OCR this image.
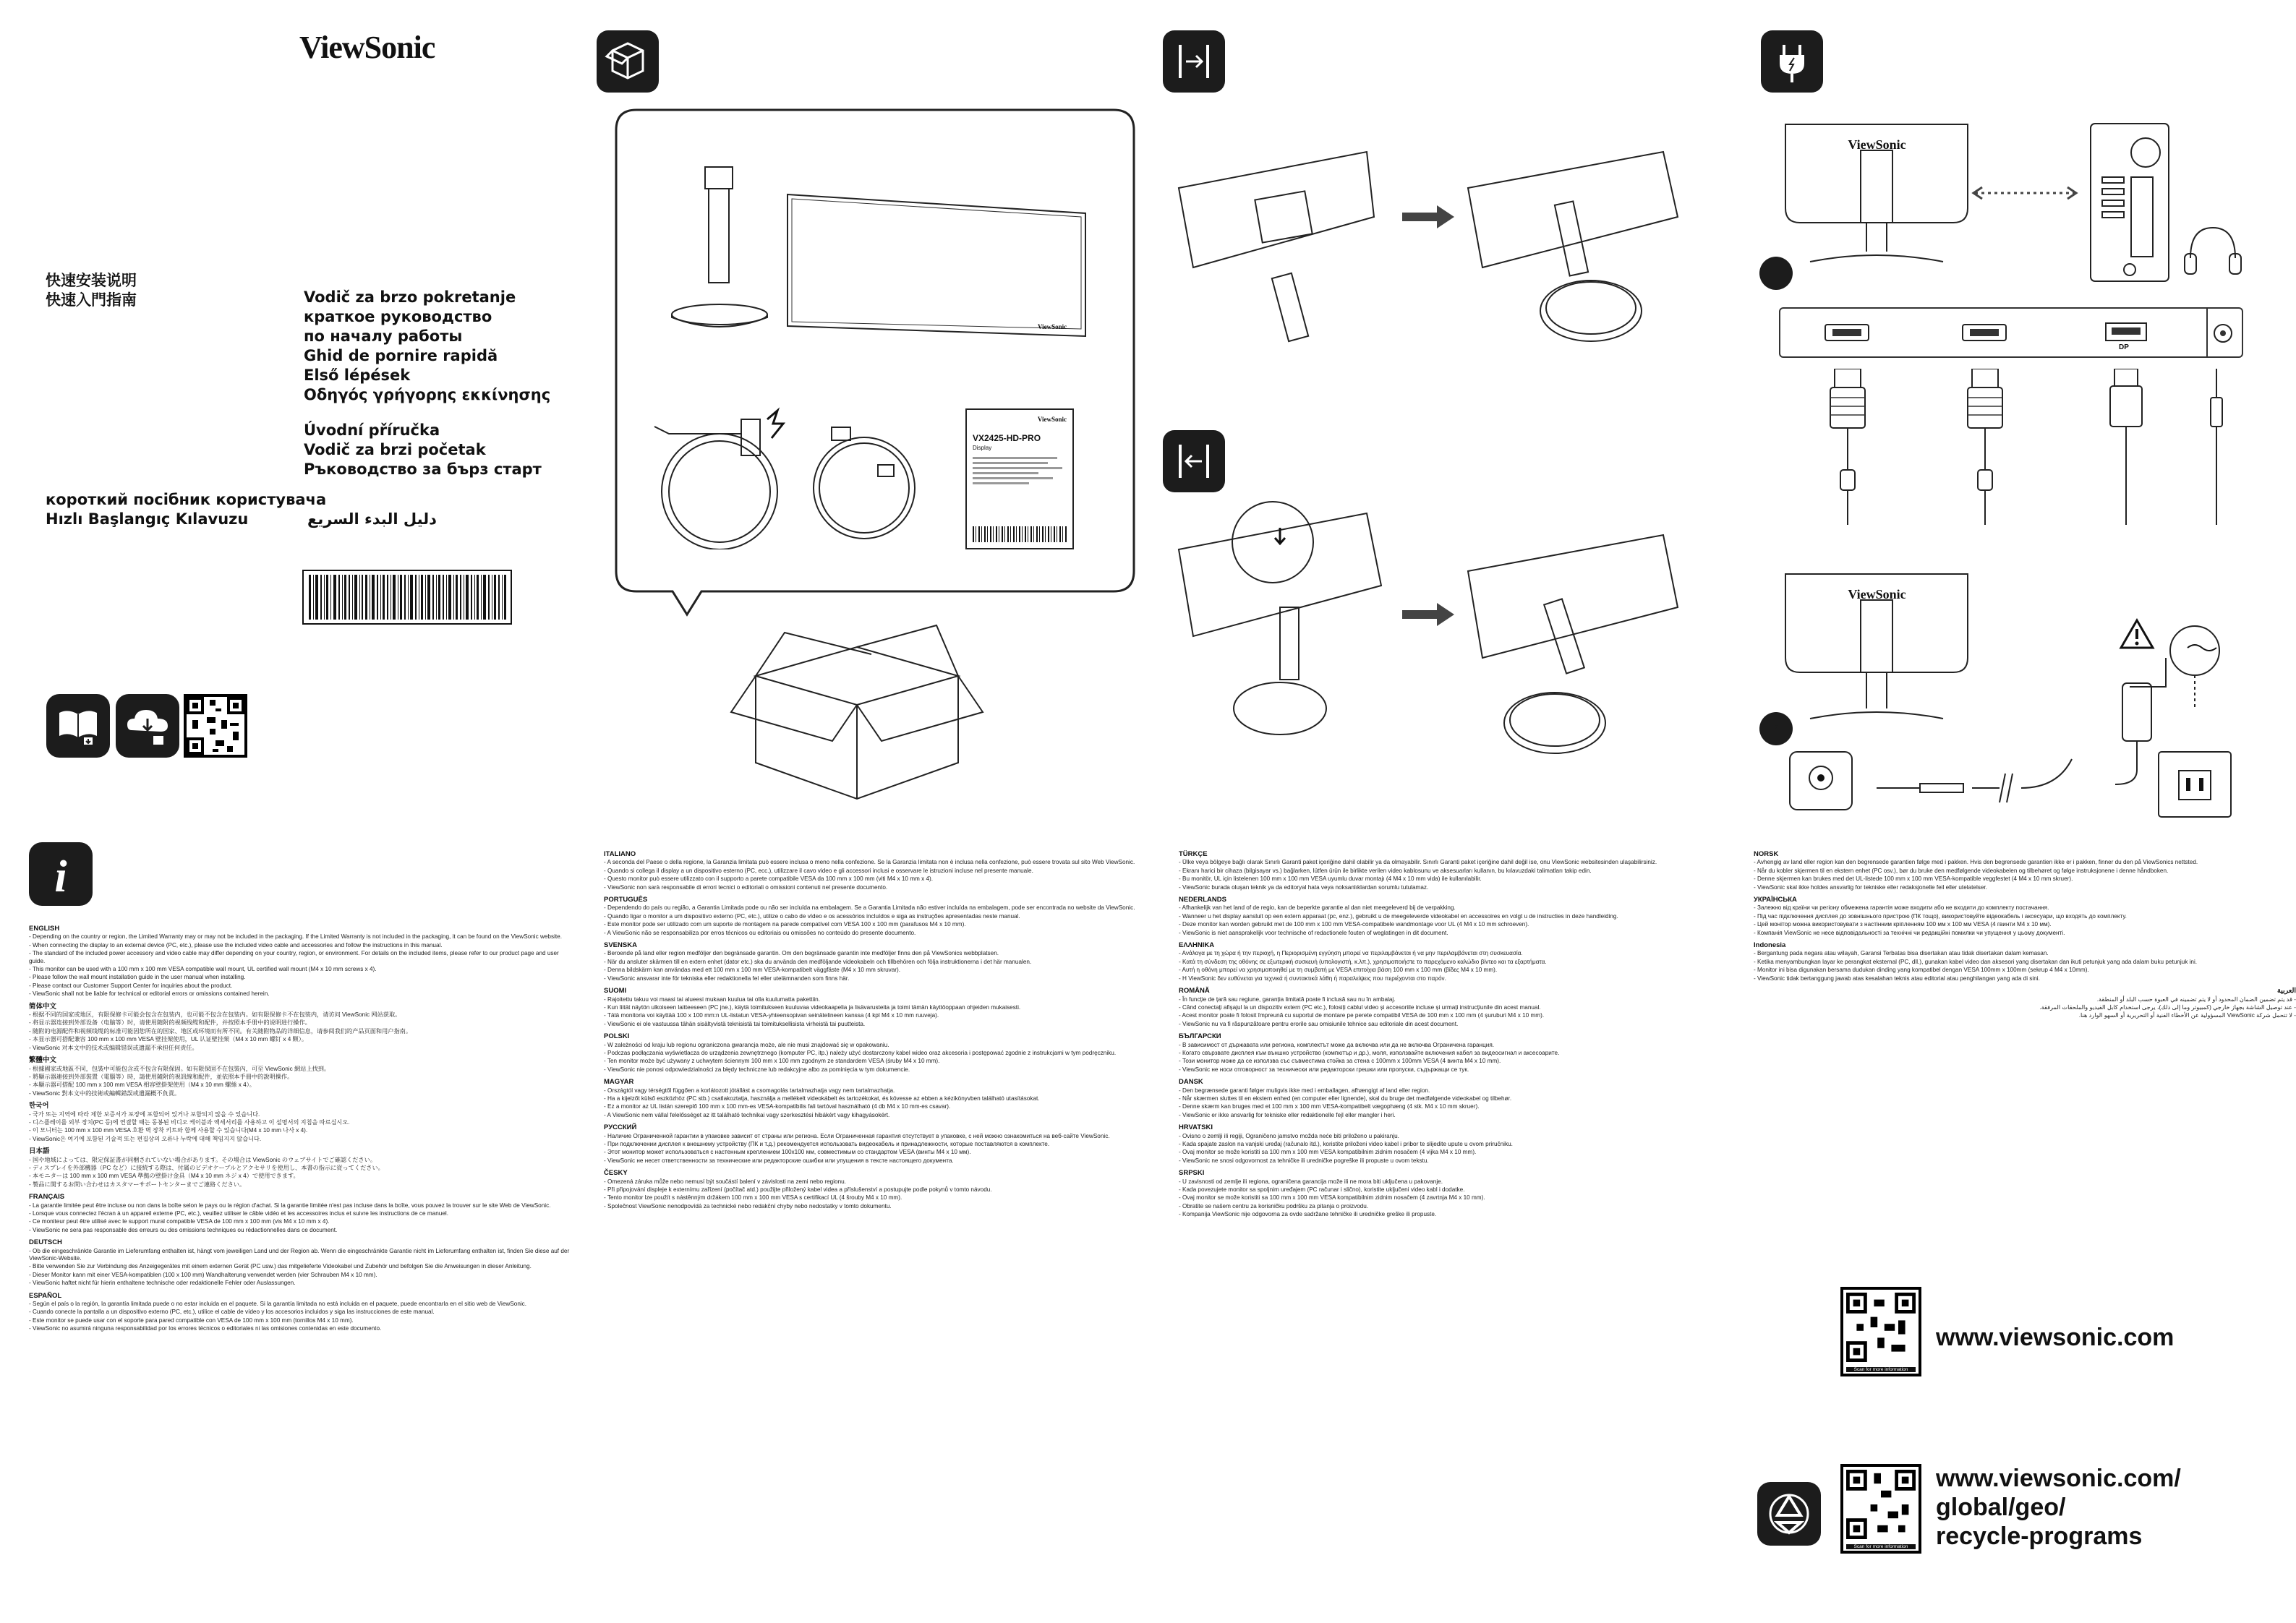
ViewSonic
快速安装说明
快速入門指南	Vodič za brzo pokretanje
краткое руководство
по началу работы
Ghid de pornire rapidă
Első lépések
Οδηγός γρήγορης εκκίνησης
Úvodní příručka
Vodič za brzi početak
Ръководство за бърз старт
короткий посібник користувача
Hızlı Başlangıç Kılavuzu	دليل البدء السريع
ViewSonic
ViewSonic
VX2425-HD-PRO
Display
ViewSonic
1
DP
ViewSonic
2
i
ENGLISH

- Depending on the country or region, the Limited Warranty may or may not be included in the packaging. If the Limited Warranty is not included in the packaging, it can be found on the ViewSonic website.

- When connecting the display to an external device (PC, etc.), please use the included video cable and accessories and follow the instructions in this manual.

- The standard of the included power accessory and video cable may differ depending on your country, region, or environment. For details on the included items, please refer to our product page and user guide.

- This monitor can be used with a 100 mm x 100 mm VESA compatible wall mount, UL certified wall mount (M4 x 10 mm screws x 4).

- Please follow the wall mount installation guide in the user manual when installing.

- Please contact our Customer Support Center for inquiries about the product.

- ViewSonic shall not be liable for technical or editorial errors or omissions contained herein.

简体中文

- 根据不同的国家或地区，有限保修卡可能会包含在包装内，也可能不包含在包装内。如有限保修卡不在包装内，请访问 ViewSonic 网站获取。

- 将显示器连接到外部设备（电脑等）时，请使用随附的视频线缆和配件，并按照本手册中的说明进行操作。

- 随附的电源配件和视频线缆的标准可能因您所在的国家、地区或环境而有所不同。有关随附物品的详细信息，请参阅我们的产品页面和用户指南。

- 本显示器可搭配兼容 100 mm x 100 mm VESA 壁挂架使用，UL 认证壁挂架（M4 x 10 mm 螺钉 x 4 颗）。

- ViewSonic 对本文中的技术或编辑错误或遗漏不承担任何责任。

繁體中文

- 根據國家或地區不同，包裝中可能包含或不包含有限保固。如有限保固不在包裝內，可至 ViewSonic 網站上找到。

- 將顯示器連接到外部裝置（電腦等）時，請使用隨附的視訊線和配件，並依照本手冊中的說明操作。

- 本顯示器可搭配 100 mm x 100 mm VESA 相容壁掛架使用（M4 x 10 mm 螺絲 x 4）。

- ViewSonic 對本文中的技術或編輯錯誤或遺漏概不負責。

한국어

- 국가 또는 지역에 따라 제한 보증서가 포장에 포함되어 있거나 포함되지 않을 수 있습니다.

- 디스플레이를 외부 장치(PC 등)에 연결할 때는 동봉된 비디오 케이블과 액세서리를 사용하고 이 설명서의 지침을 따르십시오.

- 이 모니터는 100 mm x 100 mm VESA 호환 벽 장착 키트와 함께 사용할 수 있습니다(M4 x 10 mm 나사 x 4).

- ViewSonic은 여기에 포함된 기술적 또는 편집상의 오류나 누락에 대해 책임지지 않습니다.

日本語

- 国や地域によっては、限定保証書が同梱されていない場合があります。その場合は ViewSonic のウェブサイトでご確認ください。

- ディスプレイを外部機器（PC など）に接続する際は、付属のビデオケーブルとアクセサリを使用し、本書の指示に従ってください。

- 本モニターは 100 mm x 100 mm VESA 準拠の壁掛け金具（M4 x 10 mm ネジ x 4）で使用できます。

- 製品に関するお問い合わせはカスタマーサポートセンターまでご連絡ください。

FRANÇAIS

- La garantie limitée peut être incluse ou non dans la boîte selon le pays ou la région d'achat. Si la garantie limitée n'est pas incluse dans la boîte, vous pouvez la trouver sur le site Web de ViewSonic.

- Lorsque vous connectez l'écran à un appareil externe (PC, etc.), veuillez utiliser le câble vidéo et les accessoires inclus et suivre les instructions de ce manuel.

- Ce moniteur peut être utilisé avec le support mural compatible VESA de 100 mm x 100 mm (vis M4 x 10 mm x 4).

- ViewSonic ne sera pas responsable des erreurs ou des omissions techniques ou rédactionnelles dans ce document.

DEUTSCH

- Ob die eingeschränkte Garantie im Lieferumfang enthalten ist, hängt vom jeweiligen Land und der Region ab. Wenn die eingeschränkte Garantie nicht im Lieferumfang enthalten ist, finden Sie diese auf der ViewSonic-Website.

- Bitte verwenden Sie zur Verbindung des Anzeigegerätes mit einem externen Gerät (PC usw.) das mitgelieferte Videokabel und Zubehör und befolgen Sie die Anweisungen in dieser Anleitung.

- Dieser Monitor kann mit einer VESA-kompatiblen (100 x 100 mm) Wandhalterung verwendet werden (vier Schrauben M4 x 10 mm).

- ViewSonic haftet nicht für hierin enthaltene technische oder redaktionelle Fehler oder Auslassungen.

ESPAÑOL

- Según el país o la región, la garantía limitada puede o no estar incluida en el paquete. Si la garantía limitada no está incluida en el paquete, puede encontrarla en el sitio web de ViewSonic.

- Cuando conecte la pantalla a un dispositivo externo (PC, etc.), utilice el cable de vídeo y los accesorios incluidos y siga las instrucciones de este manual.

- Este monitor se puede usar con el soporte para pared compatible con VESA de 100 mm x 100 mm (tornillos M4 x 10 mm).

- ViewSonic no asumirá ninguna responsabilidad por los errores técnicos o editoriales ni las omisiones contenidas en este documento.

ITALIANO

- A seconda del Paese o della regione, la Garanzia limitata può essere inclusa o meno nella confezione. Se la Garanzia limitata non è inclusa nella confezione, può essere trovata sul sito Web ViewSonic.

- Quando si collega il display a un dispositivo esterno (PC, ecc.), utilizzare il cavo video e gli accessori inclusi e osservare le istruzioni incluse nel presente manuale.

- Questo monitor può essere utilizzato con il supporto a parete compatibile VESA da 100 mm x 100 mm (viti M4 x 10 mm x 4).

- ViewSonic non sarà responsabile di errori tecnici o editoriali o omissioni contenuti nel presente documento.

PORTUGUÊS

- Dependendo do país ou região, a Garantia Limitada pode ou não ser incluída na embalagem. Se a Garantia Limitada não estiver incluída na embalagem, pode ser encontrada no website da ViewSonic.

- Quando ligar o monitor a um dispositivo externo (PC, etc.), utilize o cabo de vídeo e os acessórios incluídos e siga as instruções apresentadas neste manual.

- Este monitor pode ser utilizado com um suporte de montagem na parede compatível com VESA 100 x 100 mm (parafusos M4 x 10 mm).

- A ViewSonic não se responsabiliza por erros técnicos ou editoriais ou omissões no conteúdo do presente documento.

SVENSKA

- Beroende på land eller region medföljer den begränsade garantin. Om den begränsade garantin inte medföljer finns den på ViewSonics webbplatsen.

- När du ansluter skärmen till en extern enhet (dator etc.) ska du använda den medföljande videokabeln och tillbehören och följa instruktionerna i det här manualen.

- Denna bildskärm kan användas med ett 100 mm x 100 mm VESA-kompatibelt väggfäste (M4 x 10 mm skruvar).

- ViewSonic ansvarar inte för tekniska eller redaktionella fel eller utelämnanden som finns här.

SUOMI

- Rajoitettu takuu voi maasi tai alueesi mukaan kuulua tai olla kuulumatta pakettiin.

- Kun liität näytön ulkoiseen laitteeseen (PC jne.), käytä toimitukseen kuuluvaa videokaapelia ja lisävarusteita ja toimi tämän käyttöoppaan ohjeiden mukaisesti.

- Tätä monitoria voi käyttää 100 x 100 mm:n UL-listatun VESA-yhteensopivan seinätelineen kanssa (4 kpl M4 x 10 mm ruuveja).

- ViewSonic ei ole vastuussa tähän sisältyvistä teknisistä tai toimituksellisista virheistä tai puutteista.

POLSKI

- W zależności od kraju lub regionu ograniczona gwarancja może, ale nie musi znajdować się w opakowaniu.

- Podczas podłączania wyświetlacza do urządzenia zewnętrznego (komputer PC, itp.) należy użyć dostarczony kabel wideo oraz akcesoria i postępować zgodnie z instrukcjami w tym podręczniku.

- Ten monitor może być używany z uchwytem ściennym 100 mm x 100 mm zgodnym ze standardem VESA (śruby M4 x 10 mm).

- ViewSonic nie ponosi odpowiedzialności za błędy techniczne lub redakcyjne albo za pominięcia w tym dokumencie.

MAGYAR

- Országtól vagy térségtől függően a korlátozott jótállást a csomagolás tartalmazhatja vagy nem tartalmazhatja.

- Ha a kijelzőt külső eszközhöz (PC stb.) csatlakoztatja, használja a mellékelt videokábelt és tartozékokat, és kövesse az ebben a kézikönyvben található utasításokat.

- Ez a monitor az UL listán szereplő 100 mm x 100 mm-es VESA-kompatibilis fali tartóval használható (4 db M4 x 10 mm-es csavar).

- A ViewSonic nem vállal felelősséget az itt található technikai vagy szerkesztési hibákért vagy kihagyásokért.

РУССКИЙ

- Наличие Ограниченной гарантии в упаковке зависит от страны или региона. Если Ограниченная гарантия отсутствует в упаковке, с ней можно ознакомиться на веб-сайте ViewSonic.

- При подключении дисплея к внешнему устройству (ПК и т.д.) рекомендуется использовать видеокабель и принадлежности, которые поставляются в комплекте.

- Этот монитор может использоваться с настенным креплением 100х100 мм, совместимым со стандартом VESA (винты M4 x 10 мм).

- ViewSonic не несет ответственности за технические или редакторские ошибки или упущения в тексте настоящего документа.

ČESKY

- Omezená záruka může nebo nemusí být součástí balení v závislosti na zemi nebo regionu.

- Při připojování displeje k externímu zařízení (počítač atd.) použijte přiložený kabel videa a příslušenství a postupujte podle pokynů v tomto návodu.

- Tento monitor lze použít s nástěnným držákem 100 mm x 100 mm VESA s certifikací UL (4 šrouby M4 x 10 mm).

- Společnost ViewSonic nenodpovídá za technické nebo redakční chyby nebo nedostatky v tomto dokumentu.

TÜRKÇE

- Ülke veya bölgeye bağlı olarak Sınırlı Garanti paket içeriğine dahil olabilir ya da olmayabilir. Sınırlı Garanti paket içeriğine dahil değil ise, onu ViewSonic websitesinden ulaşabilirsiniz.

- Ekranı harici bir cihaza (bilgisayar vs.) bağlarken, lütfen ürün ile birlikte verilen video kablosunu ve aksesuarları kullanın, bu kılavuzdaki talimatları takip edin.

- Bu monitör, UL için listelenen 100 mm x 100 mm VESA uyumlu duvar montajı (4 M4 x 10 mm vida) ile kullanılabilir.

- ViewSonic burada oluşan teknik ya da editoryal hata veya noksanlıklardan sorumlu tutulamaz.

NEDERLANDS

- Afhankelijk van het land of de regio, kan de beperkte garantie al dan niet meegeleverd bij de verpakking.

- Wanneer u het display aansluit op een extern apparaat (pc, enz.), gebruikt u de meegeleverde videokabel en accessoires en volgt u de instructies in deze handleiding.

- Deze monitor kan worden gebruikt met de 100 mm x 100 mm VESA-compatibele wandmontage voor UL (4 M4 x 10 mm schroeven).

- ViewSonic is niet aansprakelijk voor technische of redactionele fouten of weglatingen in dit document.

ΕΛΛΗΝΙΚΑ

- Ανάλογα με τη χώρα ή την περιοχή, η Περιορισμένη εγγύηση μπορεί να περιλαμβάνεται ή να μην περιλαμβάνεται στη συσκευασία.

- Κατά τη σύνδεση της οθόνης σε εξωτερική συσκευή (υπολογιστή, κ.λπ.), χρησιμοποιήστε το παρεχόμενο καλώδιο βίντεο και τα εξαρτήματα.

- Αυτή η οθόνη μπορεί να χρησιμοποιηθεί με τη συμβατή με VESA επιτοίχια βάση 100 mm x 100 mm (βίδες M4 x 10 mm).

- Η ViewSonic δεν ευθύνεται για τεχνικά ή συντακτικά λάθη ή παραλείψεις που περιέχονται στο παρόν.

ROMÂNĂ

- În funcție de țară sau regiune, garanția limitată poate fi inclusă sau nu în ambalaj.

- Când conectați afișajul la un dispozitiv extern (PC etc.), folosiți cablul video și accesoriile incluse și urmați instrucțiunile din acest manual.

- Acest monitor poate fi folosit împreună cu suportul de montare pe perete compatibil VESA de 100 mm x 100 mm (4 șuruburi M4 x 10 mm).

- ViewSonic nu va fi răspunzătoare pentru erorile sau omisiunile tehnice sau editoriale din acest document.

БЪЛГАРСКИ

- В зависимост от държавата или региона, комплектът може да включва или да не включва Ограничена гаранция.

- Когато свързвате дисплея към външно устройство (компютър и др.), моля, използвайте включения кабел за видеосигнал и аксесоарите.

- Този монитор може да се използва със съвместима стойка за стена с 100mm x 100mm VESA (4 винта M4 x 10 mm).

- ViewSonic не носи отговорност за технически или редакторски грешки или пропуски, съдържащи се тук.

DANSK

- Den begrænsede garanti følger muligvis ikke med i emballagen, afhængigt af land eller region.

- Når skærmen sluttes til en ekstern enhed (en computer eller lignende), skal du bruge det medfølgende videokabel og tilbehør.

- Denne skærm kan bruges med et 100 mm x 100 mm VESA-kompatibelt vægophæng (4 stk. M4 x 10 mm skruer).

- ViewSonic er ikke ansvarlig for tekniske eller redaktionelle fejl eller mangler i heri.

HRVATSKI

- Ovisno o zemlji ili regiji, Ograničeno jamstvo možda neće biti priloženo u pakiranju.

- Kada spajate zaslon na vanjski uređaj (računalo itd.), koristite priloženi video kabel i pribor te slijedite upute u ovom priručniku.

- Ovaj monitor se može koristiti sa 100 mm x 100 mm VESA kompatibilnim zidnim nosačem (4 vijka M4 x 10 mm).

- ViewSonic ne snosi odgovornost za tehničke ili uredničke pogreške ili propuste u ovom tekstu.

SRPSKI

- U zavisnosti od zemlje ili regiona, ograničena garancija može ili ne mora biti uključena u pakovanje.

- Kada povezujete monitor sa spoljnim uređajem (PC računar i slično), koristite uključeni video kabl i dodatke.

- Ovaj monitor se može koristiti sa 100 mm x 100 mm VESA kompatibilnim zidnim nosačem (4 zavrtnja M4 x 10 mm).

- Obratite se našem centru za korisničku podršku za pitanja o proizvodu.

- Kompanija ViewSonic nije odgovorna za ovde sadržane tehničke ili uredničke greške ili propuste.

NORSK

- Avhengig av land eller region kan den begrensede garantien følge med i pakken. Hvis den begrensede garantien ikke er i pakken, finner du den på ViewSonics nettsted.

- Når du kobler skjermen til en ekstern enhet (PC osv.), bør du bruke den medfølgende videokabelen og tilbehøret og følge instruksjonene i denne håndboken.

- Denne skjermen kan brukes med det UL-listede 100 mm x 100 mm VESA-kompatible veggfestet (4 M4 x 10 mm skruer).

- ViewSonic skal ikke holdes ansvarlig for tekniske eller redaksjonelle feil eller utelatelser.

УКРАЇНСЬКА

- Залежно від країни чи регіону обмежена гарантія може входити або не входити до комплекту постачання.

- Під час підключення дисплея до зовнішнього пристрою (ПК тощо), використовуйте відеокабель і аксесуари, що входять до комплекту.

- Цей монітор можна використовувати з настінним кріпленням 100 мм x 100 мм VESA (4 гвинти M4 x 10 мм).

- Компанія ViewSonic не несе відповідальності за технічні чи редакційні помилки чи упущення у цьому документі.

Indonesia

- Bergantung pada negara atau wilayah, Garansi Terbatas bisa disertakan atau tidak disertakan dalam kemasan.

- Ketika menyambungkan layar ke perangkat eksternal (PC, dll.), gunakan kabel video dan aksesori yang disertakan dan ikuti petunjuk yang ada dalam buku petunjuk ini.

- Monitor ini bisa digunakan bersama dudukan dinding yang kompatibel dengan VESA 100mm x 100mm (sekrup 4 M4 x 10mm).

- ViewSonic tidak bertanggung jawab atas kesalahan teknis atau editorial atau penghilangan yang ada di sini.

العربية

- قد يتم تضمين الضمان المحدود أو لا يتم تضمينه في العبوة حسب البلد أو المنطقة.

- عند توصيل الشاشة بجهاز خارجي (كمبيوتر وما إلى ذلك)، يرجى استخدام كابل الفيديو والملحقات المرفقة.

- لا تتحمل شركة ViewSonic المسؤولية عن الأخطاء الفنية أو التحريرية أو السهو الوارد هنا.

Scan for more information
www.viewsonic.com
Scan for more information
www.viewsonic.com/
global/geo/
recycle-programs
